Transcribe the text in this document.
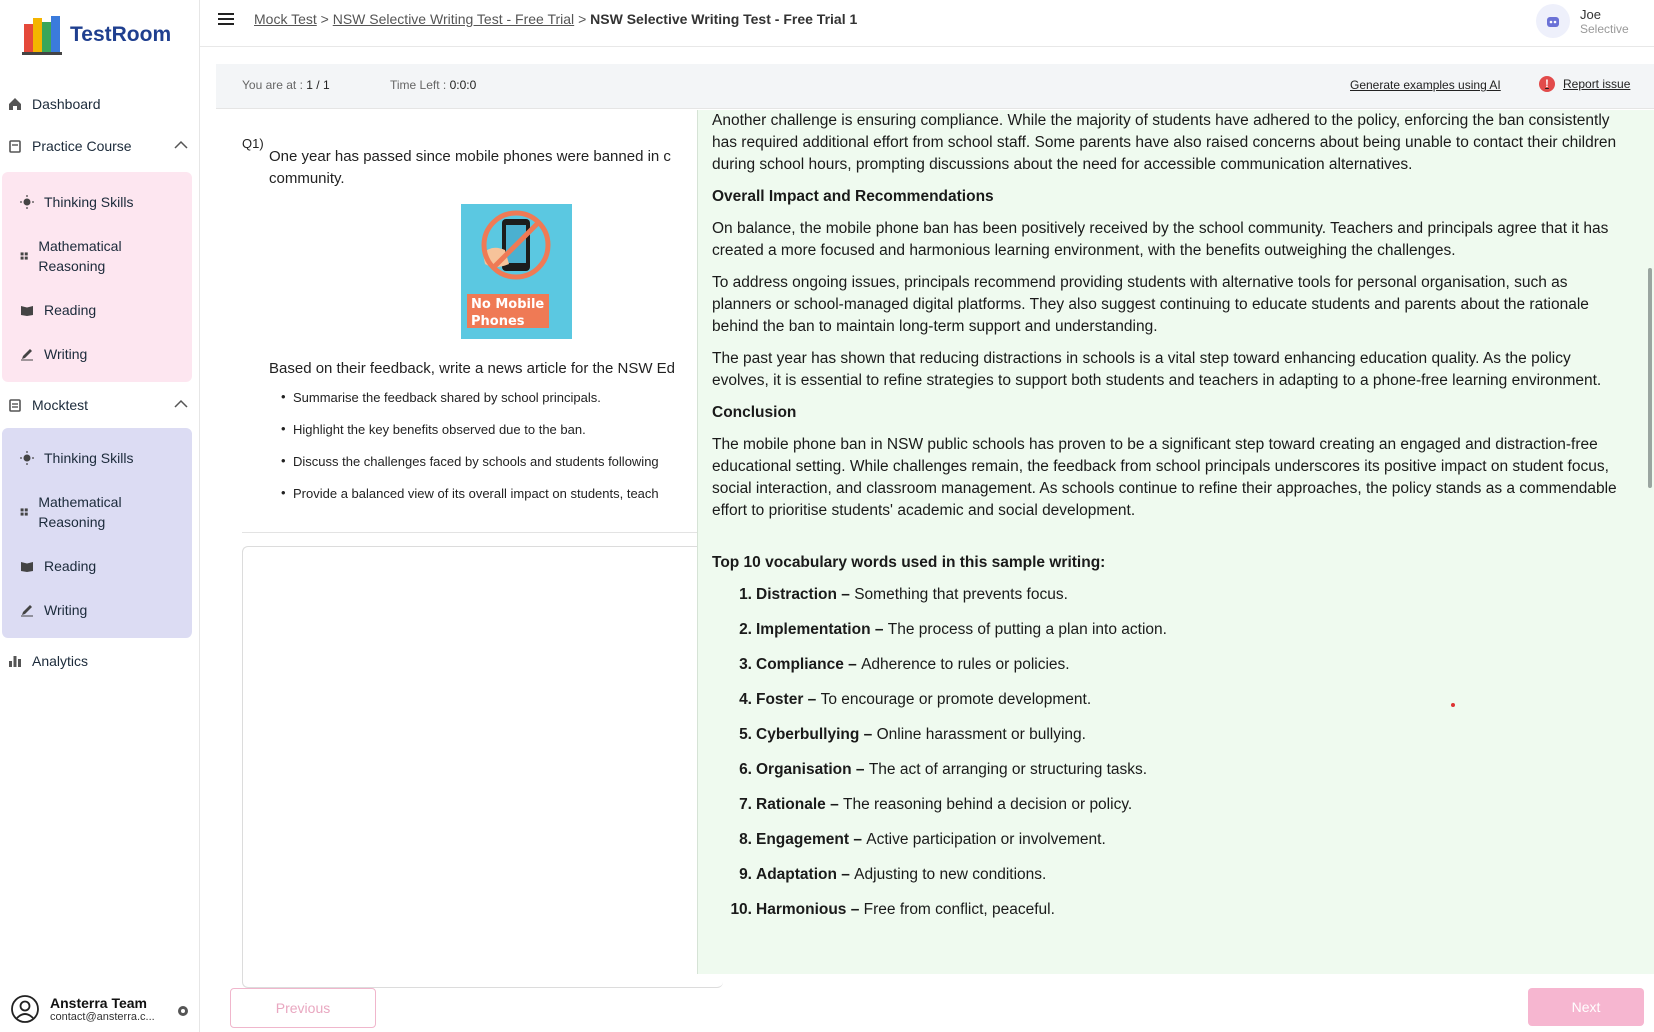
TestRoom
Dashboard
Practice Course
Thinking Skills
Mathematical Reasoning
Reading
Writing
Mocktest
Thinking Skills
Mathematical Reasoning
Reading
Writing
Analytics
Ansterra Team
contact@ansterra.c...
Mock Test > NSW Selective Writing Test - Free Trial > NSW Selective Writing Test - Free Trial 1	Joe
Selective
You are at : 1 / 1	Time Left : 0:0:0	Generate examples using AI	!	Report issue
Q1)
One year has passed since mobile phones were banned in c community.
No Mobile
Phones
Based on their feedback, write a news article for the NSW Ed
• Summarise the feedback shared by school principals.
• Highlight the key benefits observed due to the ban.
• Discuss the challenges faced by schools and students following
• Provide a balanced view of its overall impact on students, teach

Another challenge is ensuring compliance. While the majority of students have adhered to the policy, enforcing the ban consistently has required additional effort from school staff. Some parents have also raised concerns about being unable to contact their children during school hours, prompting discussions about the need for accessible communication alternatives.

Overall Impact and Recommendations

On balance, the mobile phone ban has been positively received by the school community. Teachers and principals agree that it has created a more focused and harmonious learning environment, with the benefits outweighing the challenges.

To address ongoing issues, principals recommend providing students with alternative tools for personal organisation, such as planners or school-managed digital platforms. They also suggest continuing to educate students and parents about the rationale behind the ban to maintain long-term support and understanding.

The past year has shown that reducing distractions in schools is a vital step toward enhancing education quality. As the policy evolves, it is essential to refine strategies to support both students and teachers in adapting to a phone-free learning environment.

Conclusion

The mobile phone ban in NSW public schools has proven to be a significant step toward creating an engaged and distraction-free educational setting. While challenges remain, the feedback from school principals underscores its positive impact on student focus, social interaction, and classroom management. As schools continue to refine their approaches, the policy stands as a commendable effort to prioritise students' academic and social development.

Top 10 vocabulary words used in this sample writing:
1. Distraction – Something that prevents focus.
2. Implementation – The process of putting a plan into action.
3. Compliance – Adherence to rules or policies.
4. Foster – To encourage or promote development.
5. Cyberbullying – Online harassment or bullying.
6. Organisation – The act of arranging or structuring tasks.
7. Rationale – The reasoning behind a decision or policy.
8. Engagement – Active participation or involvement.
9. Adaptation – Adjusting to new conditions.
10. Harmonious – Free from conflict, peaceful.
Previous	Next
